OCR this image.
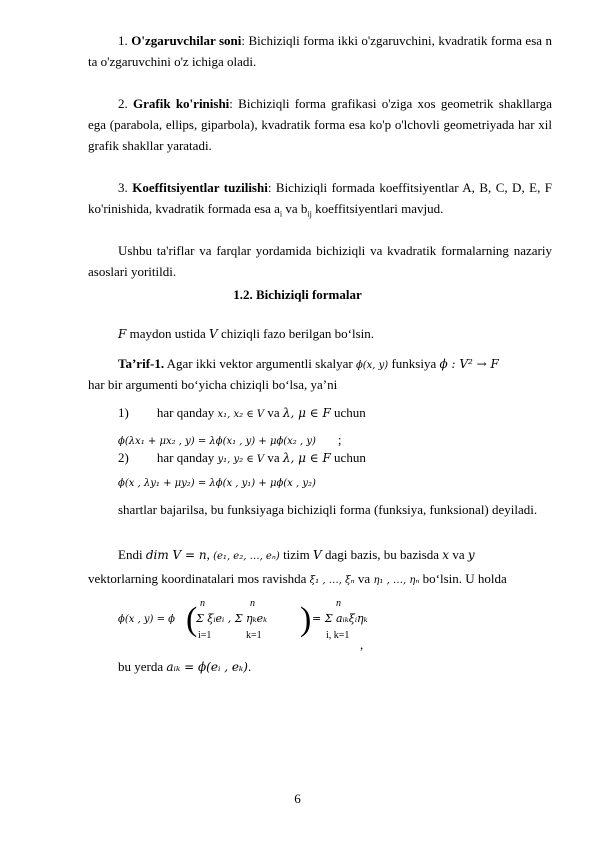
1. O'zgaruvchilar soni: Bichiziqli forma ikki o'zgaruvchini, kvadratik forma esa n ta o'zgaruvchini o'z ichiga oladi.
2. Grafik ko'rinishi: Bichiziqli forma grafikasi o'ziga xos geometrik shakllarga ega (parabola, ellips, giparbola), kvadratik forma esa ko'p o'lchovli geometriyada har xil grafik shakllar yaratadi.
3. Koeffitsiyentlar tuzilishi: Bichiziqli formada koeffitsiyentlar A, B, C, D, E, F ko'rinishida, kvadratik formada esa $a_i$ va $b_{ij}$ koeffitsiyentlari mavjud.
Ushbu ta'riflar va farqlar yordamida bichiziqli va kvadratik formalarning nazariy asoslari yoritildi.
1.2. Bichiziqli formalar
F maydon ustida V chiziqli fazo berilgan bo‘lsin.
Ta’rif-1. Agar ikki vektor argumentli skalyar ϕ(x, y) funksiya ϕ : V² → F
har bir argumenti bo‘yicha chiziqli bo‘lsa, ya’ni
1) har qanday x₁, x₂ ∈ V va λ, μ ∈ F uchun
ϕ(λx₁ + μx₂ , y) = λϕ(x₁ , y) + μϕ(x₂ , y) ;
2) har qanday y₁, y₂ ∈ V va λ, μ ∈ F uchun
ϕ(x , λy₁ + μy₂) = λϕ(x , y₁) + μϕ(x , y₂)
shartlar bajarilsa, bu funksiyaga bichiziqli forma (funksiya, funksional) deyiladi.
Endi dim V = n, (e₁, e₂, …, eₙ) tizim V dagi bazis, bu bazisda x va y
vektorlarning koordinatalari mos ravishda ξ₁ , …, ξₙ va η₁ , …, ηₙ bo‘lsin. U holda
ϕ(x , y) = ϕ ( n
i=1
n
k=1
Σ ξᵢeᵢ , Σ ηₖeₖ ) n
i, k=1
= Σ aᵢₖξᵢηₖ
,
bu yerda aᵢₖ = ϕ(eᵢ , eₖ).
6
